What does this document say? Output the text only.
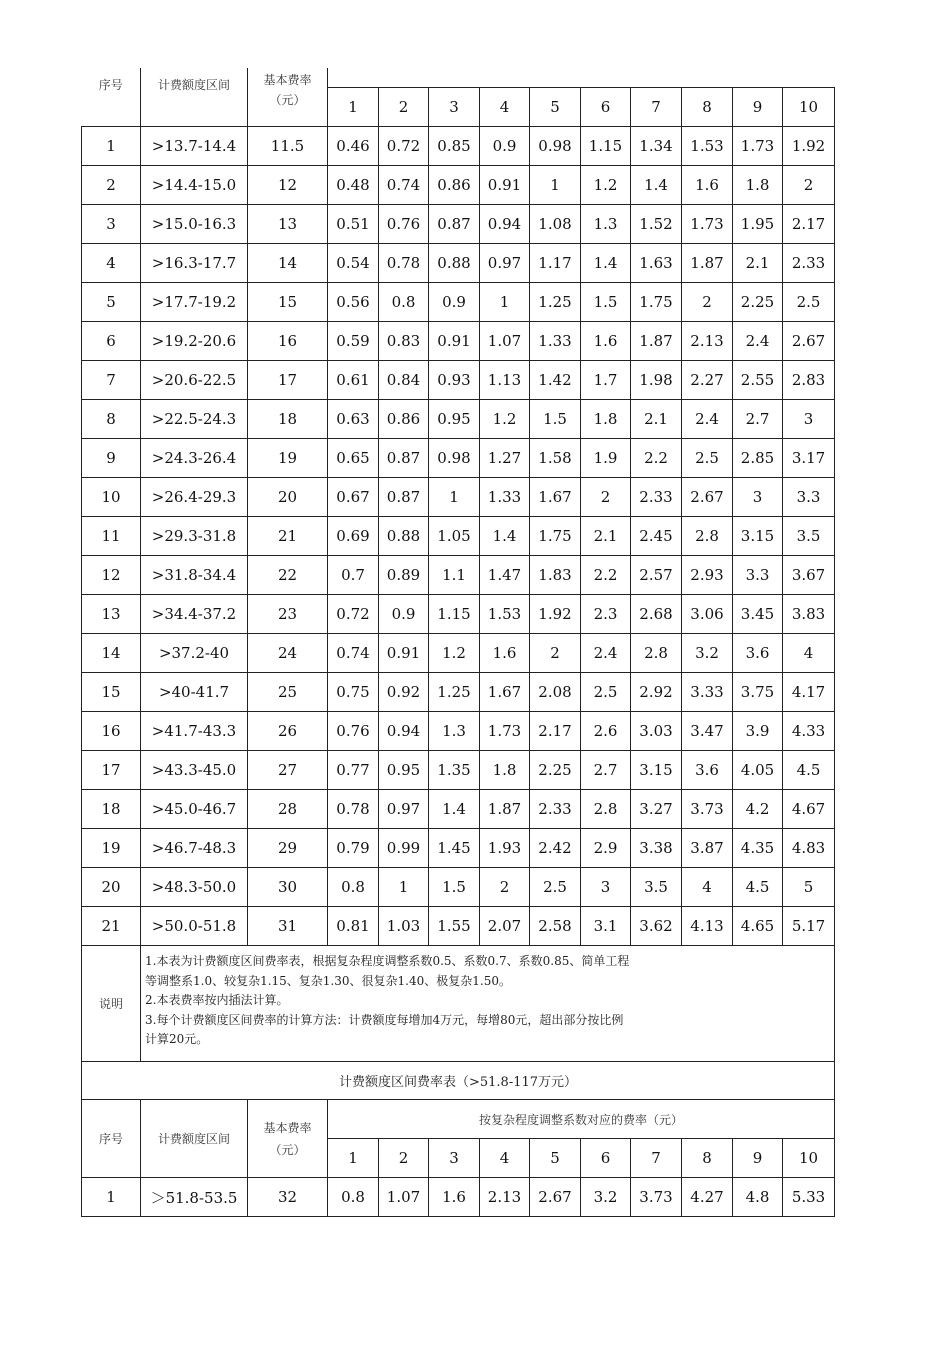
序号	计费额度区间	基本费率
（元）										
			1	2	3	4	5	6	7	8	9	10
1	>13.7-14.4	11.5	0.46	0.72	0.85	0.9	0.98	1.15	1.34	1.53	1.73	1.92
2	>14.4-15.0	12	0.48	0.74	0.86	0.91	1	1.2	1.4	1.6	1.8	2
3	>15.0-16.3	13	0.51	0.76	0.87	0.94	1.08	1.3	1.52	1.73	1.95	2.17
4	>16.3-17.7	14	0.54	0.78	0.88	0.97	1.17	1.4	1.63	1.87	2.1	2.33
5	>17.7-19.2	15	0.56	0.8	0.9	1	1.25	1.5	1.75	2	2.25	2.5
6	>19.2-20.6	16	0.59	0.83	0.91	1.07	1.33	1.6	1.87	2.13	2.4	2.67
7	>20.6-22.5	17	0.61	0.84	0.93	1.13	1.42	1.7	1.98	2.27	2.55	2.83
8	>22.5-24.3	18	0.63	0.86	0.95	1.2	1.5	1.8	2.1	2.4	2.7	3
9	>24.3-26.4	19	0.65	0.87	0.98	1.27	1.58	1.9	2.2	2.5	2.85	3.17
10	>26.4-29.3	20	0.67	0.87	1	1.33	1.67	2	2.33	2.67	3	3.3
11	>29.3-31.8	21	0.69	0.88	1.05	1.4	1.75	2.1	2.45	2.8	3.15	3.5
12	>31.8-34.4	22	0.7	0.89	1.1	1.47	1.83	2.2	2.57	2.93	3.3	3.67
13	>34.4-37.2	23	0.72	0.9	1.15	1.53	1.92	2.3	2.68	3.06	3.45	3.83
14	>37.2-40	24	0.74	0.91	1.2	1.6	2	2.4	2.8	3.2	3.6	4
15	>40-41.7	25	0.75	0.92	1.25	1.67	2.08	2.5	2.92	3.33	3.75	4.17
16	>41.7-43.3	26	0.76	0.94	1.3	1.73	2.17	2.6	3.03	3.47	3.9	4.33
17	>43.3-45.0	27	0.77	0.95	1.35	1.8	2.25	2.7	3.15	3.6	4.05	4.5
18	>45.0-46.7	28	0.78	0.97	1.4	1.87	2.33	2.8	3.27	3.73	4.2	4.67
19	>46.7-48.3	29	0.79	0.99	1.45	1.93	2.42	2.9	3.38	3.87	4.35	4.83
20	>48.3-50.0	30	0.8	1	1.5	2	2.5	3	3.5	4	4.5	5
21	>50.0-51.8	31	0.81	1.03	1.55	2.07	2.58	3.1	3.62	4.13	4.65	5.17
说明	1.本表为计费额度区间费率表，根据复杂程度调整系数0.5、系数0.7、系数0.85、简单工程
等调整系1.0、较复杂1.15、复杂1.30、很复杂1.40、极复杂1.50。
2.本表费率按内插法计算。
3.每个计费额度区间费率的计算方法：计费额度每增加4万元，每增80元，超出部分按比例
计算20元。											

计费额度区间费率表（>51.8-117万元）												
序号	计费额度区间	基本费率
（元）	按复杂程度调整系数对应的费率（元）									
			1	2	3	4	5	6	7	8	9	10
1	＞51.8-53.5	32	0.8	1.07	1.6	2.13	2.67	3.2	3.73	4.27	4.8	5.33
